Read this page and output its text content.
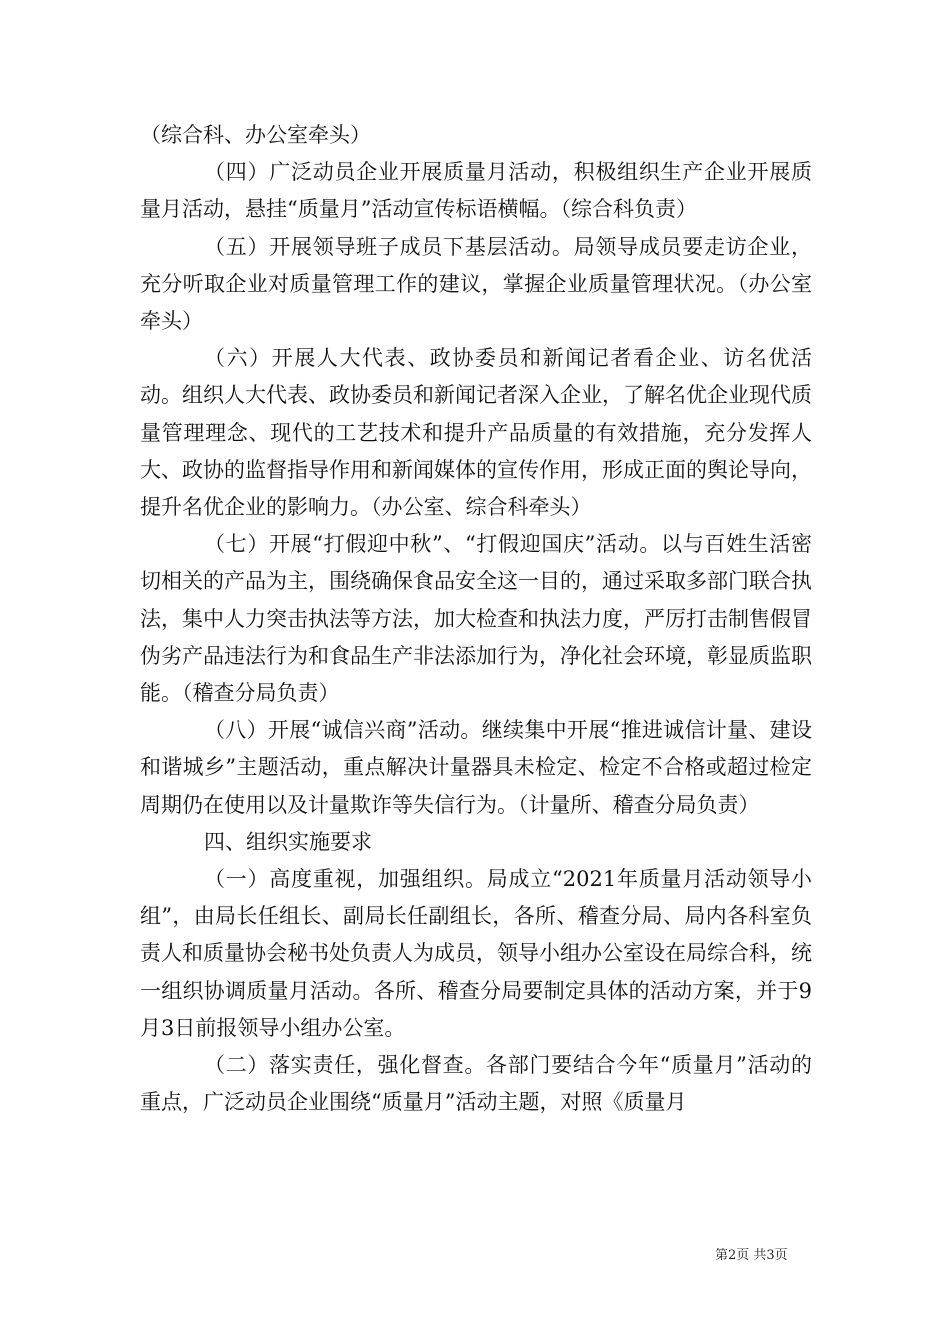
（综合科、办公室牵头）

（四）广泛动员企业开展质量月活动，积极组织生产企业开展质量月活动，悬挂“质量月”活动宣传标语横幅。（综合科负责）

（五）开展领导班子成员下基层活动。局领导成员要走访企业，充分听取企业对质量管理工作的建议，掌握企业质量管理状况。（办公室牵头）

（六）开展人大代表、政协委员和新闻记者看企业、访名优活动。组织人大代表、政协委员和新闻记者深入企业，了解名优企业现代质量管理理念、现代的工艺技术和提升产品质量的有效措施，充分发挥人大、政协的监督指导作用和新闻媒体的宣传作用，形成正面的舆论导向，提升名优企业的影响力。（办公室、综合科牵头）

（七）开展“打假迎中秋”、“打假迎国庆”活动。以与百姓生活密切相关的产品为主，围绕确保食品安全这一目的，通过采取多部门联合执法，集中人力突击执法等方法，加大检查和执法力度，严厉打击制售假冒伪劣产品违法行为和食品生产非法添加行为，净化社会环境，彰显质监职能。（稽查分局负责）

（八）开展“诚信兴商”活动。继续集中开展“推进诚信计量、建设和谐城乡”主题活动，重点解决计量器具未检定、检定不合格或超过检定周期仍在使用以及计量欺诈等失信行为。（计量所、稽查分局负责）

四、组织实施要求

（一）高度重视，加强组织。局成立“2021年质量月活动领导小组”，由局长任组长、副局长任副组长，各所、稽查分局、局内各科室负责人和质量协会秘书处负责人为成员，领导小组办公室设在局综合科，统一组织协调质量月活动。各所、稽查分局要制定具体的活动方案，并于9月3日前报领导小组办公室。

（二）落实责任，强化督查。各部门要结合今年“质量月”活动的重点，广泛动员企业围绕“质量月”活动主题，对照《质量月

第2页 共3页
